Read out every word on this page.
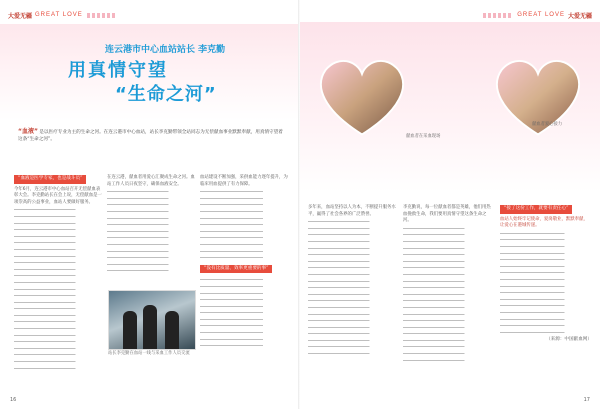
大爱无疆 GREAT LOVE
连云港市中心血站站长 李克勤
用真情守望
“生命之河”
“血液” 是以医疗专业为主的生命之河。在连云港市中心血站，站长李克勤带领全站同志为无偿献血事业默默奉献，用真情守望着这条“生命之河”。
“血液是医学专家，也是战斗员”
今年6月，连云港市中心血站召开无偿献血表彰大会。李克勤站长在会上说，无偿献血是一项崇高的公益事业，血站人要做好服务。
在连云港，献血者用爱心汇聚成生命之河。血站工作人员日夜坚守，确保血液安全。
站长李克勤在血站一线与采血工作人员交流
血站建设不断加强，采供血能力逐年提升，为临床用血提供了有力保障。
“没有比质量、效率更重要的事”
16
GREAT LOVE 大爱无疆
献血者在采血现场
献血者爱心接力
多年来，血站坚持以人为本，不断提升服务水平，赢得了社会各界的广泛赞誉。
李克勤说，每一位献血者都是英雄，他们用热血挽救生命，我们要用真情守望这条生命之河。
“接了这份工作，就要有责任心”
血站人始终牢记使命，爱岗敬业，默默奉献，让爱心在港城传递。
（来源：中国献血网）
17
